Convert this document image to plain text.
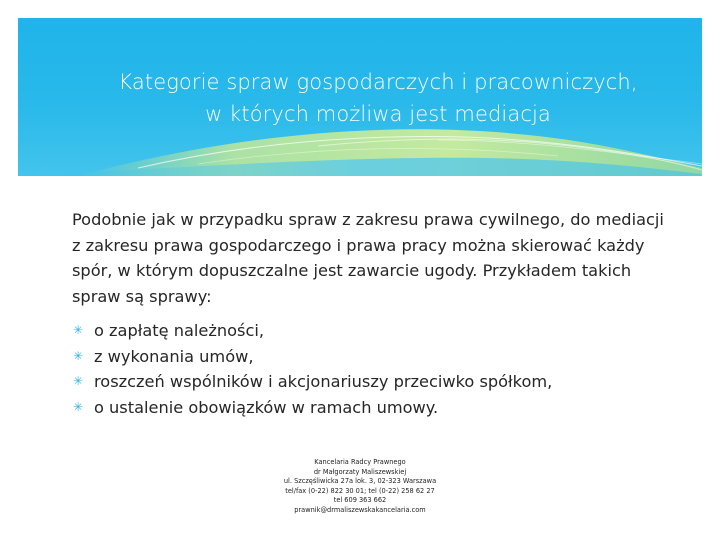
Kategorie spraw gospodarczych i pracowniczych, w których możliwa jest mediacja

Podobnie jak w przypadku spraw z zakresu prawa cywilnego, do mediacji z zakresu prawa gospodarczego i prawa pracy można skierować każdy spór, w którym dopuszczalne jest zawarcie ugody. Przykładem takich spraw są sprawy:

✳ o zapłatę należności,
✳ z wykonania umów,
✳ roszczeń wspólników i akcjonariuszy przeciwko spółkom,
✳ o ustalenie obowiązków w ramach umowy.
Kancelaria Radcy Prawnego
dr Małgorzaty Maliszewskiej
ul. Szczęśliwicka 27a lok. 3, 02-323 Warszawa
tel/fax (0-22) 822 30 01; tel (0-22) 258 62 27
tel 609 363 662
prawnik@drmaliszewskakancelaria.com
